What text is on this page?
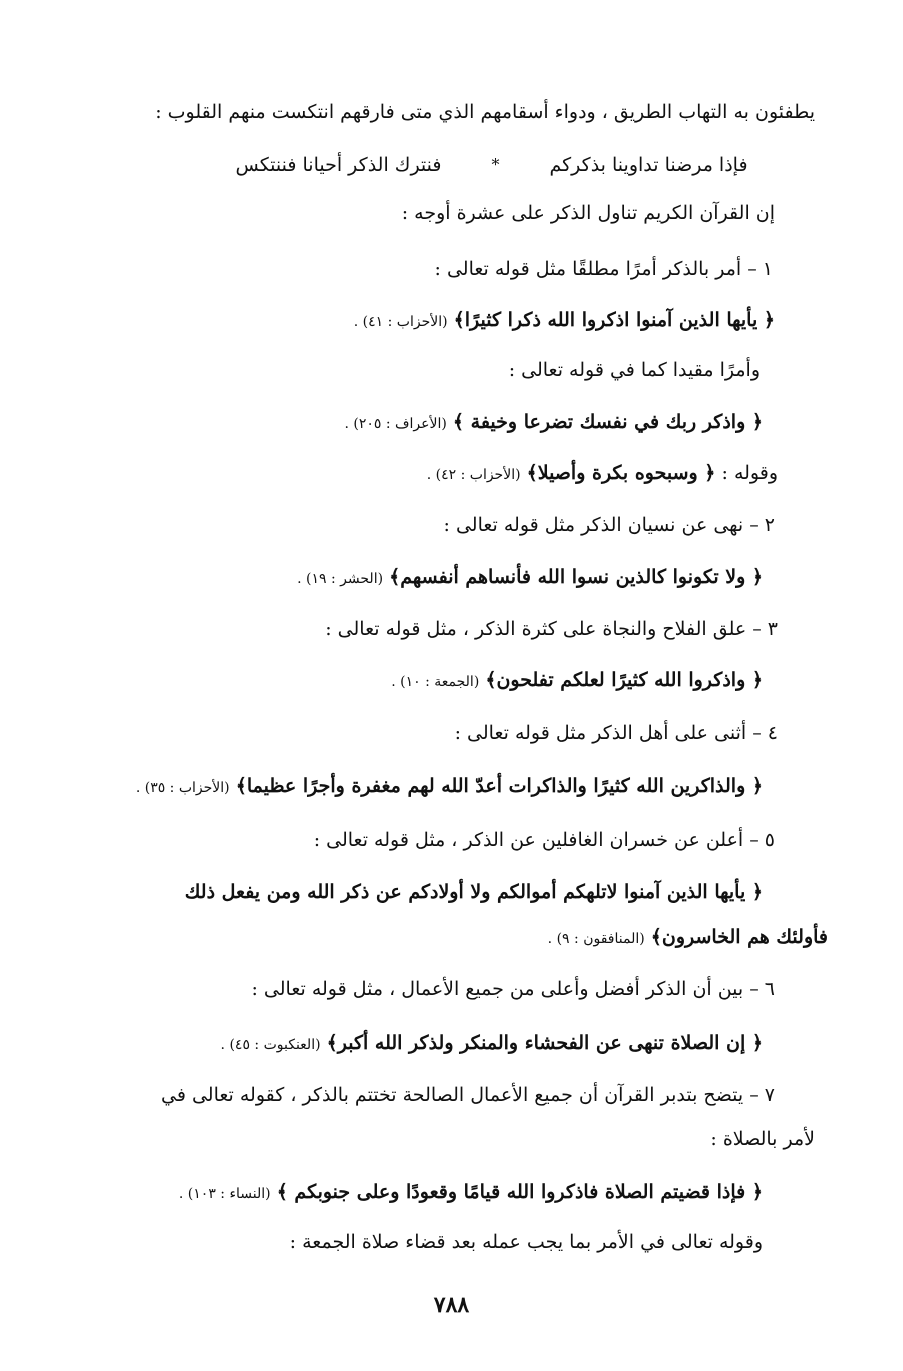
يطفئون به التهاب الطريق ، ودواء أسقامهم الذي متى فارقهم انتكست منهم القلوب :
فإذا مرضنا تداوينا بذكركم
*
فنترك الذكر أحيانا فننتكس
إن القرآن الكريم تناول الذكر على عشرة أوجه :
١ – أمر بالذكر أمرًا مطلقًا مثل قوله تعالى :
﴿ يأيها الذين آمنوا اذكروا الله ذكرا كثيرًا﴾ (الأحزاب : ٤١) .
وأمرًا مقيدا كما في قوله تعالى :
﴿ واذكر ربك في نفسك تضرعا وخيفة ﴾ (الأعراف : ٢٠٥) .
وقوله : ﴿ وسبحوه بكرة وأصيلا﴾ (الأحزاب : ٤٢) .
٢ – نهى عن نسيان الذكر مثل قوله تعالى :
﴿ ولا تكونوا كالذين نسوا الله فأنساهم أنفسهم﴾ (الحشر : ١٩) .
٣ – علق الفلاح والنجاة على كثرة الذكر ، مثل قوله تعالى :
﴿ واذكروا الله كثيرًا لعلكم تفلحون﴾ (الجمعة : ١٠) .
٤ – أثنى على أهل الذكر مثل قوله تعالى :
﴿ والذاكرين الله كثيرًا والذاكرات أعدّ الله لهم مغفرة وأجرًا عظيما﴾ (الأحزاب : ٣٥) .
٥ – أعلن عن خسران الغافلين عن الذكر ، مثل قوله تعالى :
﴿ يأيها الذين آمنوا لاتلهكم أموالكم ولا أولادكم عن ذكر الله ومن يفعل ذلك
فأولئك هم الخاسرون﴾ (المنافقون : ٩) .
٦ – بين أن الذكر أفضل وأعلى من جميع الأعمال ، مثل قوله تعالى :
﴿ إن الصلاة تنهى عن الفحشاء والمنكر ولذكر الله أكبر﴾ (العنكبوت : ٤٥) .
٧ – يتضح بتدبر القرآن أن جميع الأعمال الصالحة تختتم بالذكر ، كقوله تعالى في
لأمر بالصلاة :
﴿ فإذا قضيتم الصلاة فاذكروا الله قيامًا وقعودًا وعلى جنوبكم ﴾ (النساء : ١٠٣) .
وقوله تعالى في الأمر بما يجب عمله بعد قضاء صلاة الجمعة :
٧٨٨
